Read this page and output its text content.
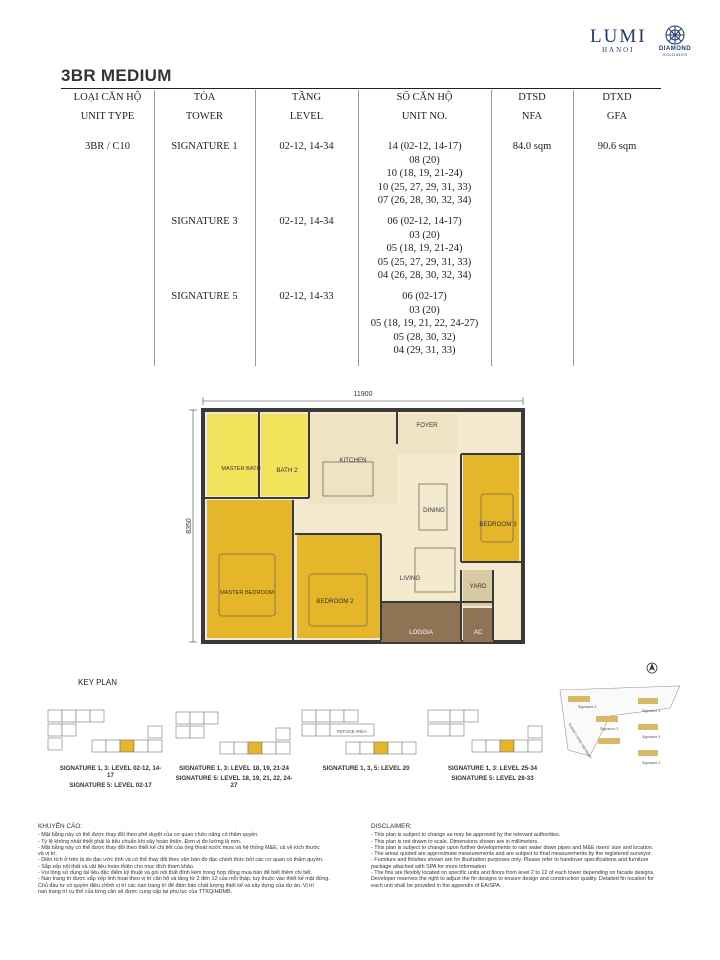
LUMI
HANOI	DIAMOND
HOLDINGS
3BR MEDIUM
LOẠI CĂN HỘ	TÒA	TẦNG	SỐ CĂN HỘ	DTSD	DTXD
UNIT TYPE	TOWER	LEVEL	UNIT NO.	NFA	GFA

3BR / C10	SIGNATURE 1	02-12, 14-34	14 (02-12, 14-17)
08 (20)
10 (18, 19, 21-24)
10 (25, 27, 29, 31, 33)
07 (26, 28, 30, 32, 34)	84.0 sqm	90.6 sqm
	SIGNATURE 3	02-12, 14-34	06 (02-12, 14-17)
03 (20)
05 (18, 19, 21-24)
05 (25, 27, 29, 31, 33)
04 (26, 28, 30, 32, 34)		

	SIGNATURE 5	02-12, 14-33	06 (02-17)
03 (20)
05 (18, 19, 21, 22, 24-27)
05 (28, 30, 32)
04 (29, 31, 33)		

11900
8350
FOYER
KITCHEN
MASTER BATH	BATH 2
DINING
BEDROOM 3
LIVING
MASTER BEDROOM
BEDROOM 2
YARD
LOGGIA	AC
KEY PLAN
REFUGE AREA
Signature 4
Signature 1
Signature 3
Signature 5
Signature 2
THANG LONG HIGHWAY
SIGNATURE 1, 3: LEVEL 02-12, 14-17
SIGNATURE 5: LEVEL 02-17
SIGNATURE 1, 3: LEVEL 18, 19, 21-24
SIGNATURE 5: LEVEL 18, 19, 21, 22, 24-27
SIGNATURE 1, 3, 5: LEVEL 20	SIGNATURE 1, 3: LEVEL 25-34
SIGNATURE 5: LEVEL 28-33
KHUYẾN CÁO:
- Mặt bằng này có thể được thay đổi theo phê duyệt của cơ quan chức năng có thẩm quyền.
- Tỷ lệ không nhất thiết phải là tiêu chuẩn khi xây hoàn thiện. Đơn vị đo lường là mm.
- Mặt bằng này có thể được thay đổi theo thiết kế chi tiết của ống thoát nước mưa và hệ thống M&E, cả về kích thước
và vị trí.
- Diện tích ở trên là do đạc ước tính và có thể thay đổi theo văn bản đo đạc chính thức bởi các cơ quan có thẩm quyền.
- Sắp xếp nội thất và vật liệu hoàn thiện cho mục đích tham khảo.
- Vui lòng sử dụng tài liệu đặc điểm kỹ thuật và gói nội thất đính kèm trong hợp đồng mua bán để biết thêm chi tiết.
- Nan trang trí được sắp xếp linh hoạt theo vị trí căn hộ và tầng từ 2 đến 12 của mỗi tháp, tuỳ thuộc vào thiết kế mặt đứng.
Chủ đầu tư có quyền điều chỉnh vị trí các nan trang trí để đảm bảo chất lượng thiết kế và xây dựng của dự án. Vị trí
nan trang trí cụ thể của từng căn sẽ được cung cấp tại phụ lục của TTKQ/HĐMB.
DISCLAIMER:
- This plan is subject to change as may be approved by the relevant authorities.
- This plan is not drawn to scale. Dimensions shown are in millimeters.
- This plan is subject to change upon further developments to rain water down pipes and M&E risers' size and location.
- The areas quoted are approximate measurements and are subject to final measurements by the registered surveyor.
- Furniture and finishes shown are for illustration purposes only. Please refer to handover specifications and furniture
package attached with SPA for more information
- The fins are flexibly located on specific units and floors from level 2 to 12 of each tower depending on facade designs.
Developer reserves the right to adjust the fin designs to ensure design and construction quality. Detailed fin location for
each unit shall be provided in the appendix of EA/SPA.
